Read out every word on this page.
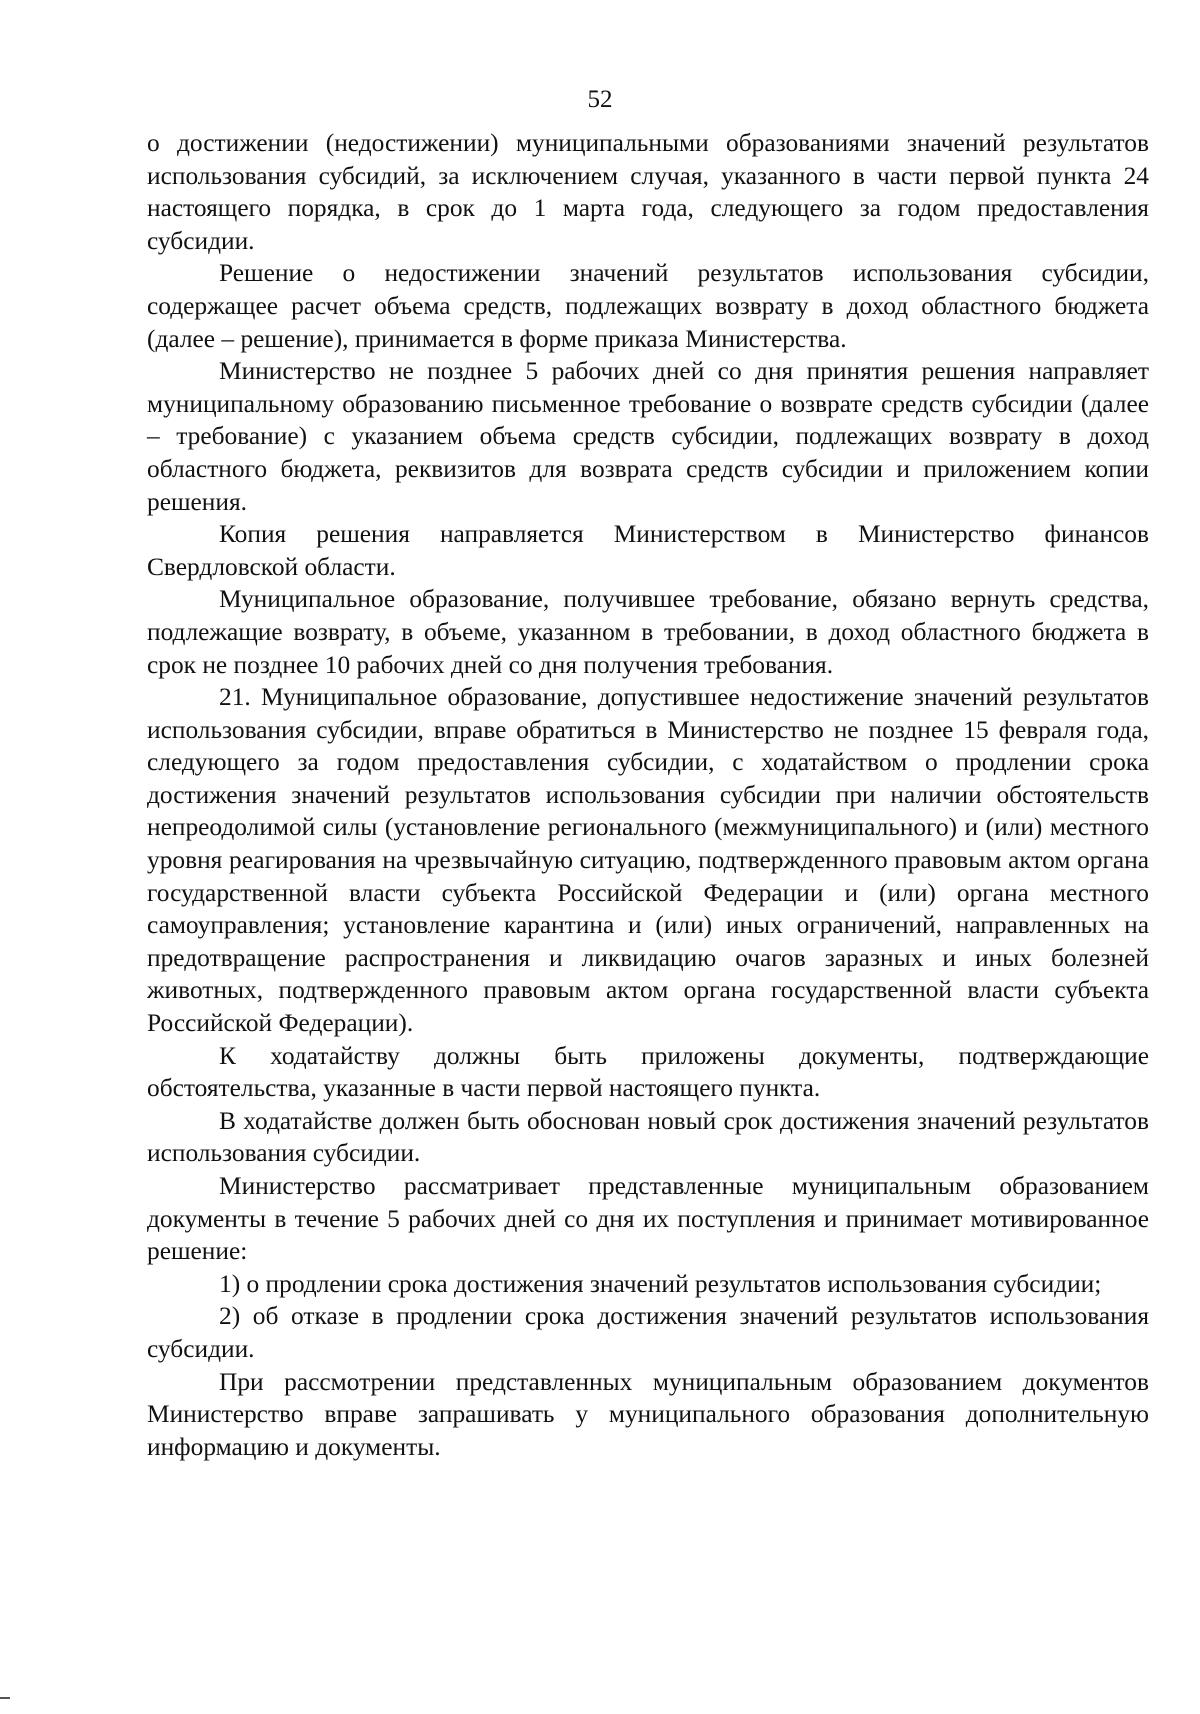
52

о достижении (недостижении) муниципальными образованиями значений результатов использования субсидий, за исключением случая, указанного в части первой пункта 24 настоящего порядка, в срок до 1 марта года, следующего за годом предоставления субсидии.

Решение о недостижении значений результатов использования субсидии, содержащее расчет объема средств, подлежащих возврату в доход областного бюджета (далее – решение), принимается в форме приказа Министерства.

Министерство не позднее 5 рабочих дней со дня принятия решения направляет муниципальному образованию письменное требование о возврате средств субсидии (далее – требование) с указанием объема средств субсидии, подлежащих возврату в доход областного бюджета, реквизитов для возврата средств субсидии и приложением копии решения.

Копия решения направляется Министерством в Министерство финансов Свердловской области.

Муниципальное образование, получившее требование, обязано вернуть средства, подлежащие возврату, в объеме, указанном в требовании, в доход областного бюджета в срок не позднее 10 рабочих дней со дня получения требования.

21. Муниципальное образование, допустившее недостижение значений результатов использования субсидии, вправе обратиться в Министерство не позднее 15 февраля года, следующего за годом предоставления субсидии, с ходатайством о продлении срока достижения значений результатов использования субсидии при наличии обстоятельств непреодолимой силы (установление регионального (межмуниципального) и (или) местного уровня реагирования на чрезвычайную ситуацию, подтвержденного правовым актом органа государственной власти субъекта Российской Федерации и (или) органа местного самоуправления; установление карантина и (или) иных ограничений, направленных на предотвращение распространения и ликвидацию очагов заразных и иных болезней животных, подтвержденного правовым актом органа государственной власти субъекта Российской Федерации).

К ходатайству должны быть приложены документы, подтверждающие обстоятельства, указанные в части первой настоящего пункта.

В ходатайстве должен быть обоснован новый срок достижения значений результатов использования субсидии.

Министерство рассматривает представленные муниципальным образованием документы в течение 5 рабочих дней со дня их поступления и принимает мотивированное решение:

1) о продлении срока достижения значений результатов использования субсидии;

2) об отказе в продлении срока достижения значений результатов использования субсидии.

При рассмотрении представленных муниципальным образованием документов Министерство вправе запрашивать у муниципального образования дополнительную информацию и документы.
